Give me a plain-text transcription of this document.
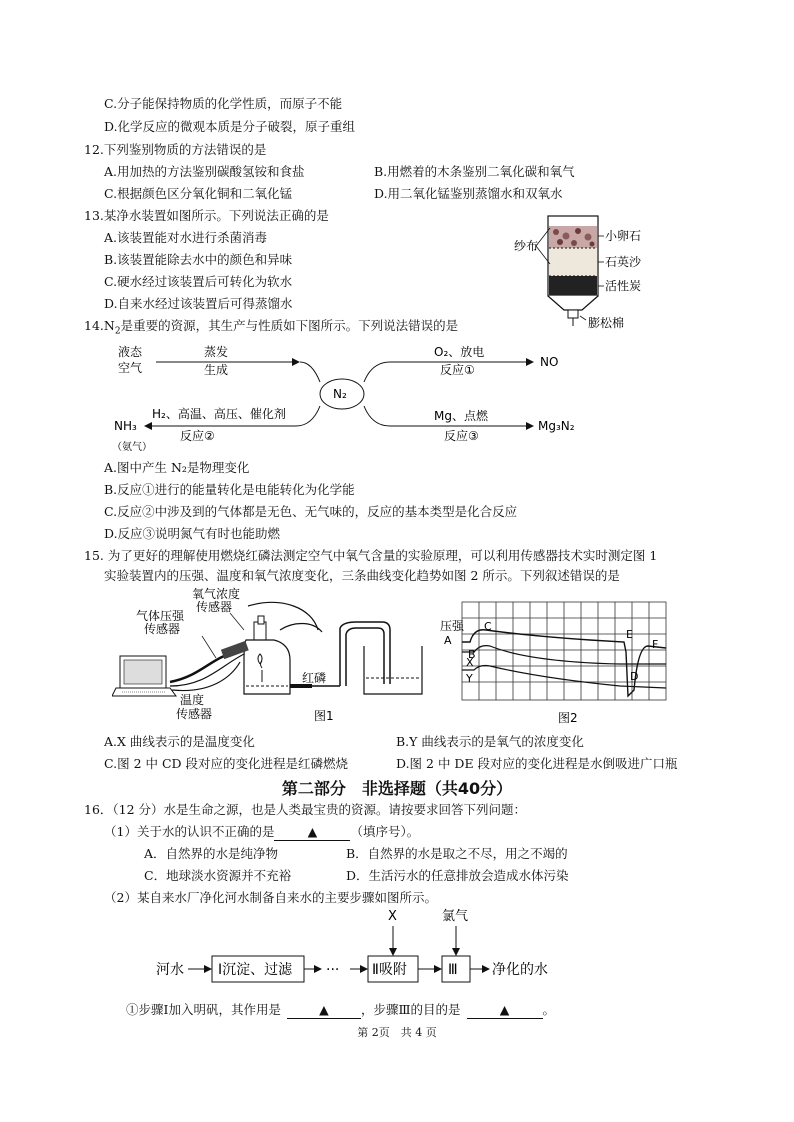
C.分子能保持物质的化学性质，而原子不能
D.化学反应的微观本质是分子破裂，原子重组
12.下列鉴别物质的方法错误的是
A.用加热的方法鉴别碳酸氢铵和食盐	B.用燃着的木条鉴别二氧化碳和氧气
C.根据颜色区分氧化铜和二氧化锰	D.用二氧化锰鉴别蒸馏水和双氧水
13.某净水装置如图所示。下列说法正确的是
A.该装置能对水进行杀菌消毒
B.该装置能除去水中的颜色和异味
C.硬水经过该装置后可转化为软水
D.自来水经过该装置后可得蒸馏水
纱布
小卵石
石英沙
活性炭
膨松棉
$14.N_2$是重要的资源，其生产与性质如下图所示。下列说法错误的是
液态
空气
蒸发
生成
N₂
O₂、放电
反应①
NO
H₂、高温、高压、催化剂
反应②
NH₃
（氨气）
Mg、点燃
反应③
Mg₃N₂
A.图中产生 N₂是物理变化
B.反应①进行的能量转化是电能转化为化学能
C.反应②中涉及到的气体都是无色、无气味的，反应的基本类型是化合反应
D.反应③说明氮气有时也能助燃
15. 为了更好的理解使用燃烧红磷法测定空气中氧气含量的实验原理，可以利用传感器技术实时测定图 1
实验装置内的压强、温度和氧气浓度变化，三条曲线变化趋势如图 2 所示。下列叙述错误的是
氧气浓度
传感器
气体压强
传感器
红磷
温度
传感器	图1
压强
A
B
C
X
Y	D
E
F
图2
A.X 曲线表示的是温度变化	B.Y 曲线表示的是氧气的浓度变化
C.图 2 中 CD 段对应的变化进程是红磷燃烧	D.图 2 中 DE 段对应的变化进程是水倒吸进广口瓶
第二部分　非选择题（共40分）
16．（12 分）水是生命之源，也是人类最宝贵的资源。请按要求回答下列问题：
（1）关于水的认识不正确的是	▲	（填序号）。
A．自然界的水是纯净物	B．自然界的水是取之不尽，用之不竭的
C．地球淡水资源并不充裕	D．生活污水的任意排放会造成水体污染
（2）某自来水厂净化河水制备自来水的主要步骤如图所示。
河水 Ⅰ沉淀、过滤 ··· Ⅱ吸附
X
Ⅲ
氯气
净化的水
①步骤Ⅰ加入明矾，其作用是	▲	，步骤Ⅲ的目的是	▲	。
第 2页　共 4 页
